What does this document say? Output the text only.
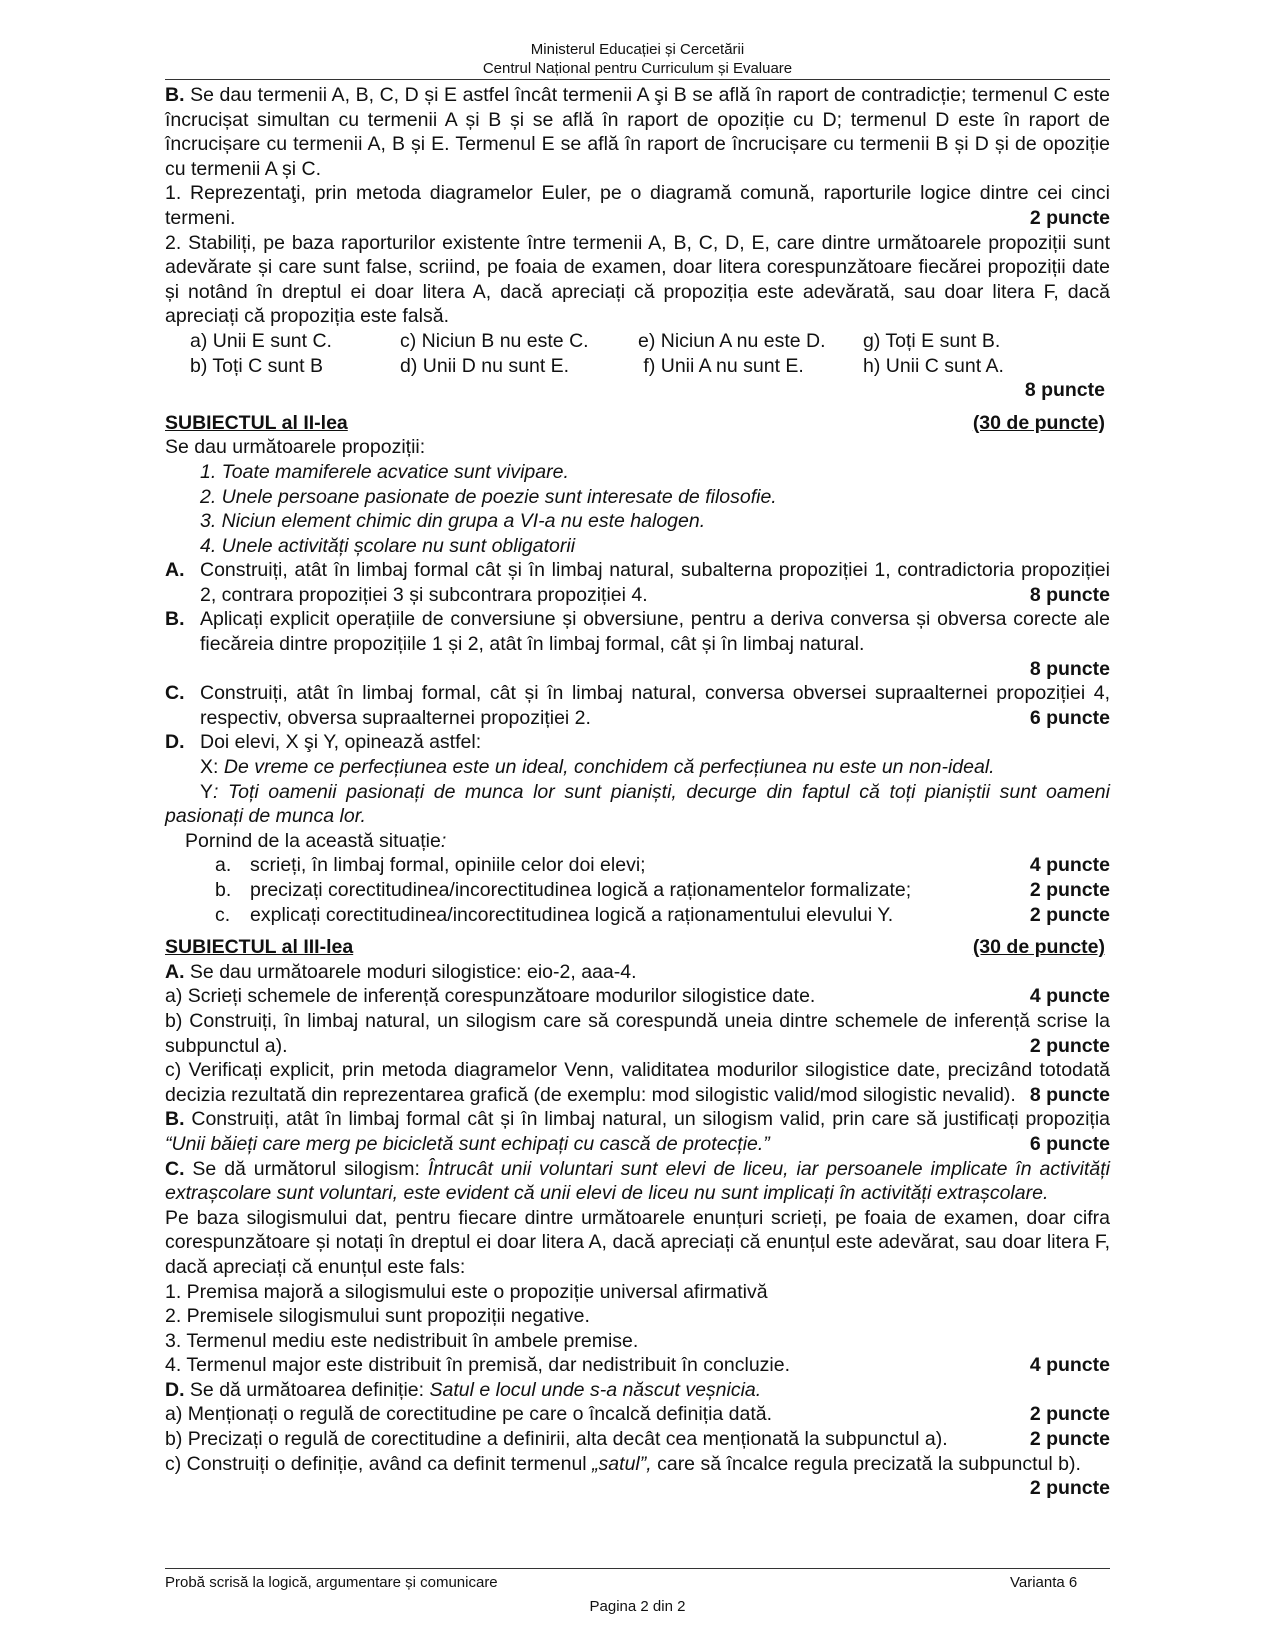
Ministerul Educației și Cercetării
Centrul Național pentru Curriculum și Evaluare

B. Se dau termenii A, B, C, D și E astfel încât termenii A şi B se află în raport de contradicție; termenul C este încrucișat simultan cu termenii A și B și se află în raport de opoziție cu D; termenul D este în raport de încrucișare cu termenii A, B și E. Termenul E se află în raport de încrucișare cu termenii B și D și de opoziție cu termenii A și C.

1. Reprezentaţi, prin metoda diagramelor Euler, pe o diagramă comună, raporturile logice dintre cei cinci termeni.	2 puncte

2. Stabiliți, pe baza raporturilor existente între termenii A, B, C, D, E, care dintre următoarele propoziții sunt adevărate și care sunt false, scriind, pe foaia de examen, doar litera corespunzătoare fiecărei propoziții date și notând în dreptul ei doar litera A, dacă apreciați că propoziția este adevărată, sau doar litera F, dacă apreciați că propoziția este falsă.

a) Unii E sunt C.	c) Niciun B nu este C.	e) Niciun A nu este D.	g) Toți E sunt B.
b) Toți C sunt B	d) Unii D nu sunt E.	f) Unii A nu sunt E.	h) Unii C sunt A.

8 puncte

SUBIECTUL al II-lea	(30 de puncte)

Se dau următoarele propoziții:

1. Toate mamiferele acvatice sunt vivipare.

2. Unele persoane pasionate de poezie sunt interesate de filosofie.

3. Niciun element chimic din grupa a VI-a nu este halogen.

4. Unele activități școlare nu sunt obligatorii

A. Construiți, atât în limbaj formal cât și în limbaj natural, subalterna propoziției 1, contradictoria propoziției 2, contrara propoziției 3 și subcontrara propoziției 4.	8 puncte

B. Aplicați explicit operațiile de conversiune și obversiune, pentru a deriva conversa și obversa corecte ale fiecăreia dintre propozițiile 1 și 2, atât în limbaj formal, cât și în limbaj natural.

8 puncte

C. Construiți, atât în limbaj formal, cât și în limbaj natural, conversa obversei supraalternei propoziției 4, respectiv, obversa supraalternei propoziției 2.	6 puncte

D. Doi elevi, X şi Y, opinează astfel:

X: De vreme ce perfecțiunea este un ideal, conchidem că perfecțiunea nu este un non-ideal.

Y: Toți oamenii pasionați de munca lor sunt pianiști, decurge din faptul că toți pianiștii sunt oameni pasionați de munca lor.

Pornind de la această situație:

a. scrieți, în limbaj formal, opiniile celor doi elevi;	4 puncte
b. precizați corectitudinea/incorectitudinea logică a raționamentelor formalizate;	2 puncte
c.	explicați corectitudinea/incorectitudinea logică a raționamentului elevului Y.	2 puncte
SUBIECTUL al III-lea	(30 de puncte)

A. Se dau următoarele moduri silogistice: eio-2, aaa-4.

a) Scrieți schemele de inferență corespunzătoare modurilor silogistice date.	4 puncte

b) Construiți, în limbaj natural, un silogism care să corespundă uneia dintre schemele de inferență scrise la subpunctul a).	2 puncte

c) Verificați explicit, prin metoda diagramelor Venn, validitatea modurilor silogistice date, precizând totodată decizia rezultată din reprezentarea grafică (de exemplu: mod silogistic valid/mod silogistic nevalid). 8 puncte

B. Construiți, atât în limbaj formal cât și în limbaj natural, un silogism valid, prin care să justificați propoziția “Unii băieți care merg pe bicicletă sunt echipați cu cască de protecție.”	6 puncte

C. Se dă următorul silogism: Întrucât unii voluntari sunt elevi de liceu, iar persoanele implicate în activități extrașcolare sunt voluntari, este evident că unii elevi de liceu nu sunt implicați în activități extrașcolare.

Pe baza silogismului dat, pentru fiecare dintre următoarele enunțuri scrieți, pe foaia de examen, doar cifra corespunzătoare și notați în dreptul ei doar litera A, dacă apreciați că enunțul este adevărat, sau doar litera F, dacă apreciați că enunțul este fals:

1. Premisa majoră a silogismului este o propoziție universal afirmativă

2. Premisele silogismului sunt propoziții negative.

3. Termenul mediu este nedistribuit în ambele premise.

4. Termenul major este distribuit în premisă, dar nedistribuit în concluzie.	4 puncte

D. Se dă următoarea definiție: Satul e locul unde s-a născut veșnicia.

a) Menționați o regulă de corectitudine pe care o încalcă definiția dată.	2 puncte

b) Precizați o regulă de corectitudine a definirii, alta decât cea menționată la subpunctul a).	2 puncte

c) Construiți o definiție, având ca definit termenul „satul”, care să încalce regula precizată la subpunctul b).
2 puncte

Probă scrisă la logică, argumentare și comunicare	Varianta 6
Pagina 2 din 2
